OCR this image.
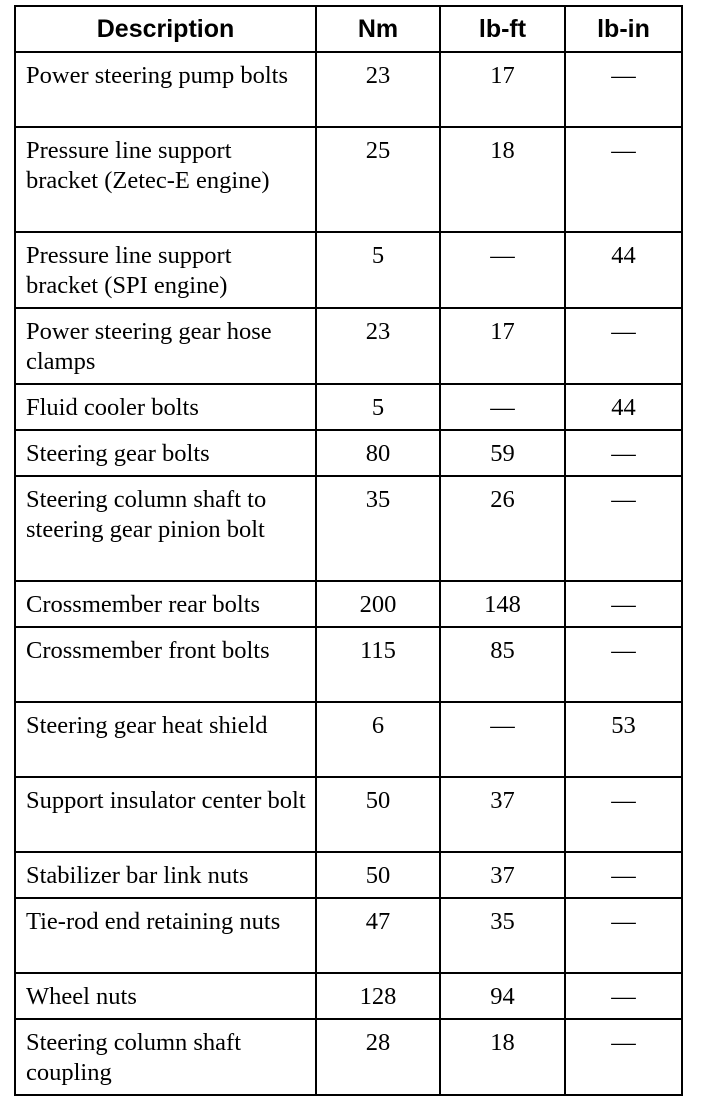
Description	Nm	lb-ft	lb-in
Power steering pump bolts	23	17	—
Pressure line support bracket (Zetec-E engine)	25	18	—
Pressure line support bracket (SPI engine)	5	—	44
Power steering gear hose clamps	23	17	—
Fluid cooler bolts	5	—	44
Steering gear bolts	80	59	—
Steering column shaft to steering gear pinion bolt	35	26	—
Crossmember rear bolts	200	148	—
Crossmember front bolts	115	85	—
Steering gear heat shield	6	—	53
Support insulator center bolt	50	37	—
Stabilizer bar link nuts	50	37	—
Tie-rod end retaining nuts	47	35	—
Wheel nuts	128	94	—
Steering column shaft coupling	28	18	—
